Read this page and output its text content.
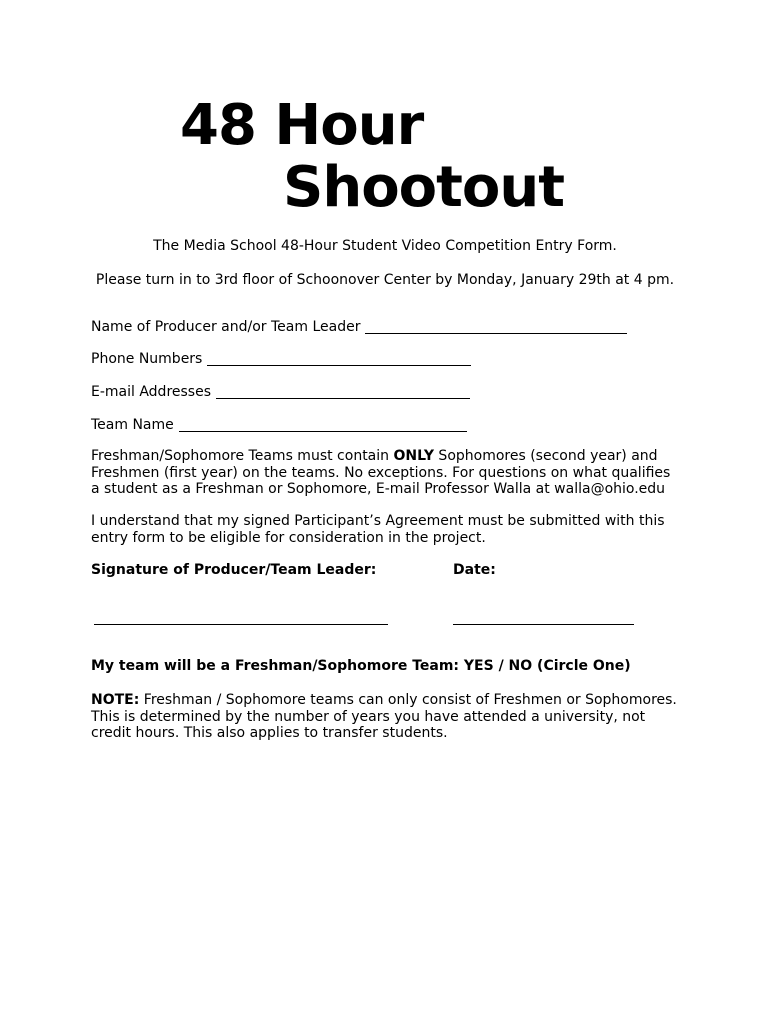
48 Hour
Shootout
The Media School 48-Hour Student Video Competition Entry Form.
Please turn in to 3rd floor of Schoonover Center by Monday, January 29th at 4 pm.
Name of Producer and/or Team Leader
Phone Numbers
E-mail Addresses
Team Name
Freshman/Sophomore Teams must contain ONLY Sophomores (second year) and Freshmen (first year) on the teams. No exceptions. For questions on what qualifies a student as a Freshman or Sophomore, E-mail Professor Walla at walla@ohio.edu
I understand that my signed Participant’s Agreement must be submitted with this entry form to be eligible for consideration in the project.
Signature of Producer/Team Leader:	Date:
My team will be a Freshman/Sophomore Team: YES / NO (Circle One)
NOTE: Freshman / Sophomore teams can only consist of Freshmen or Sophomores. This is determined by the number of years you have attended a university, not credit hours. This also applies to transfer students.
